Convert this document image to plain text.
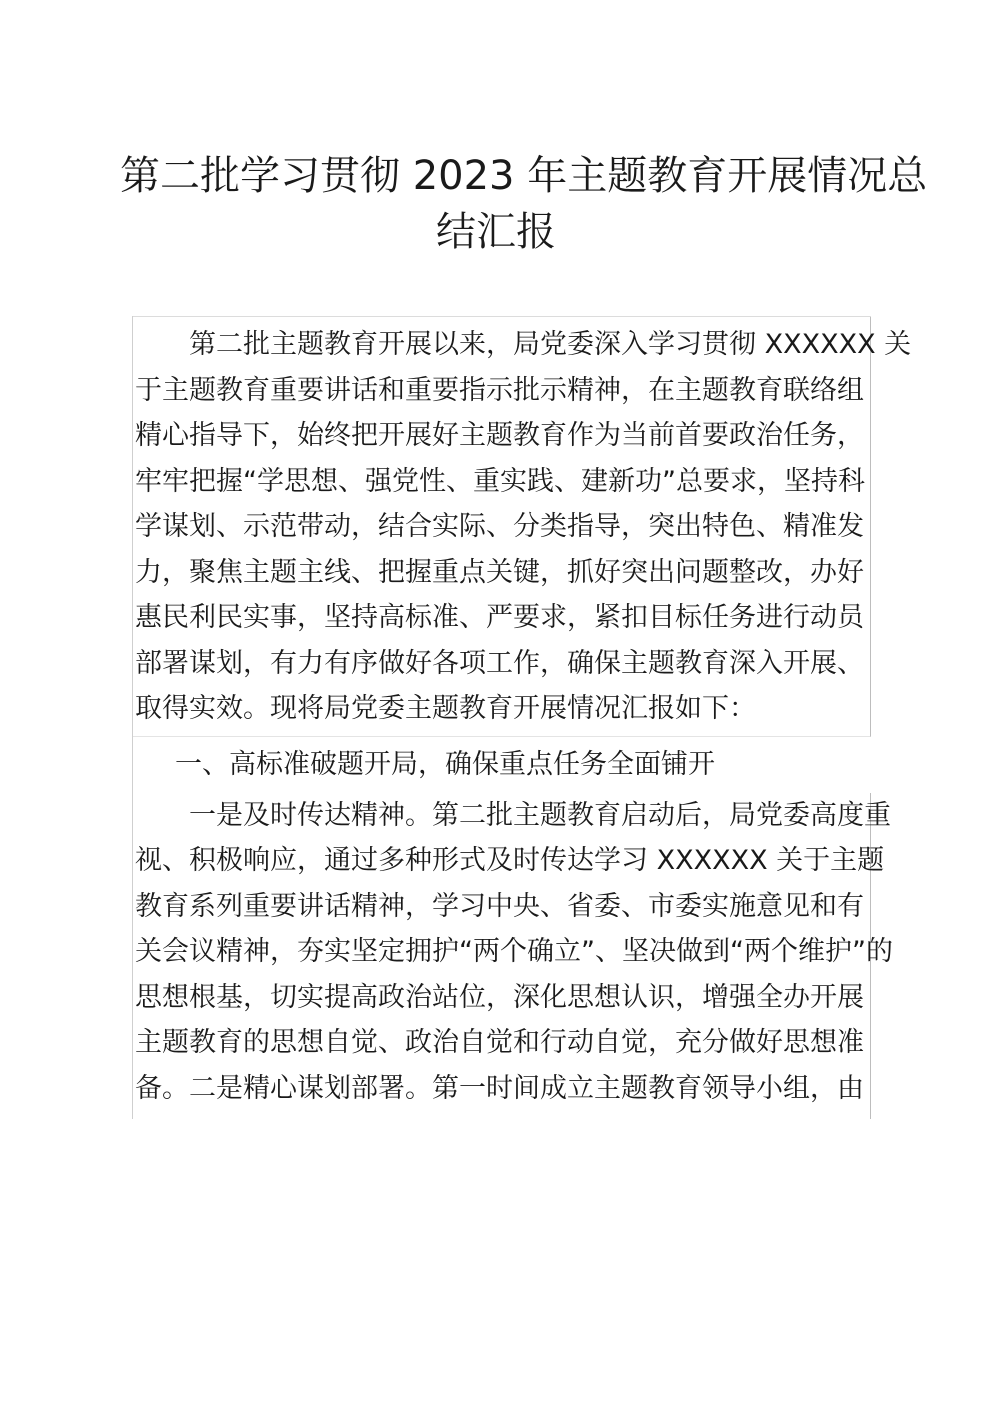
第二批学习贯彻 2023 年主题教育开展情况总
结汇报

　　第二批主题教育开展以来，局党委深入学习贯彻 XXXXXX 关
于主题教育重要讲话和重要指示批示精神，在主题教育联络组
精心指导下，始终把开展好主题教育作为当前首要政治任务，
牢牢把握“学思想、强党性、重实践、建新功”总要求，坚持科
学谋划、示范带动，结合实际、分类指导，突出特色、精准发
力，聚焦主题主线、把握重点关键，抓好突出问题整改，办好
惠民利民实事，坚持高标准、严要求，紧扣目标任务进行动员
部署谋划，有力有序做好各项工作，确保主题教育深入开展、
取得实效。现将局党委主题教育开展情况汇报如下：

一、高标准破题开局，确保重点任务全面铺开

　　一是及时传达精神。第二批主题教育启动后，局党委高度重
视、积极响应，通过多种形式及时传达学习 XXXXXX 关于主题
教育系列重要讲话精神，学习中央、省委、市委实施意见和有
关会议精神，夯实坚定拥护“两个确立”、坚决做到“两个维护”的
思想根基，切实提高政治站位，深化思想认识，增强全办开展
主题教育的思想自觉、政治自觉和行动自觉，充分做好思想准
备。二是精心谋划部署。第一时间成立主题教育领导小组，由
